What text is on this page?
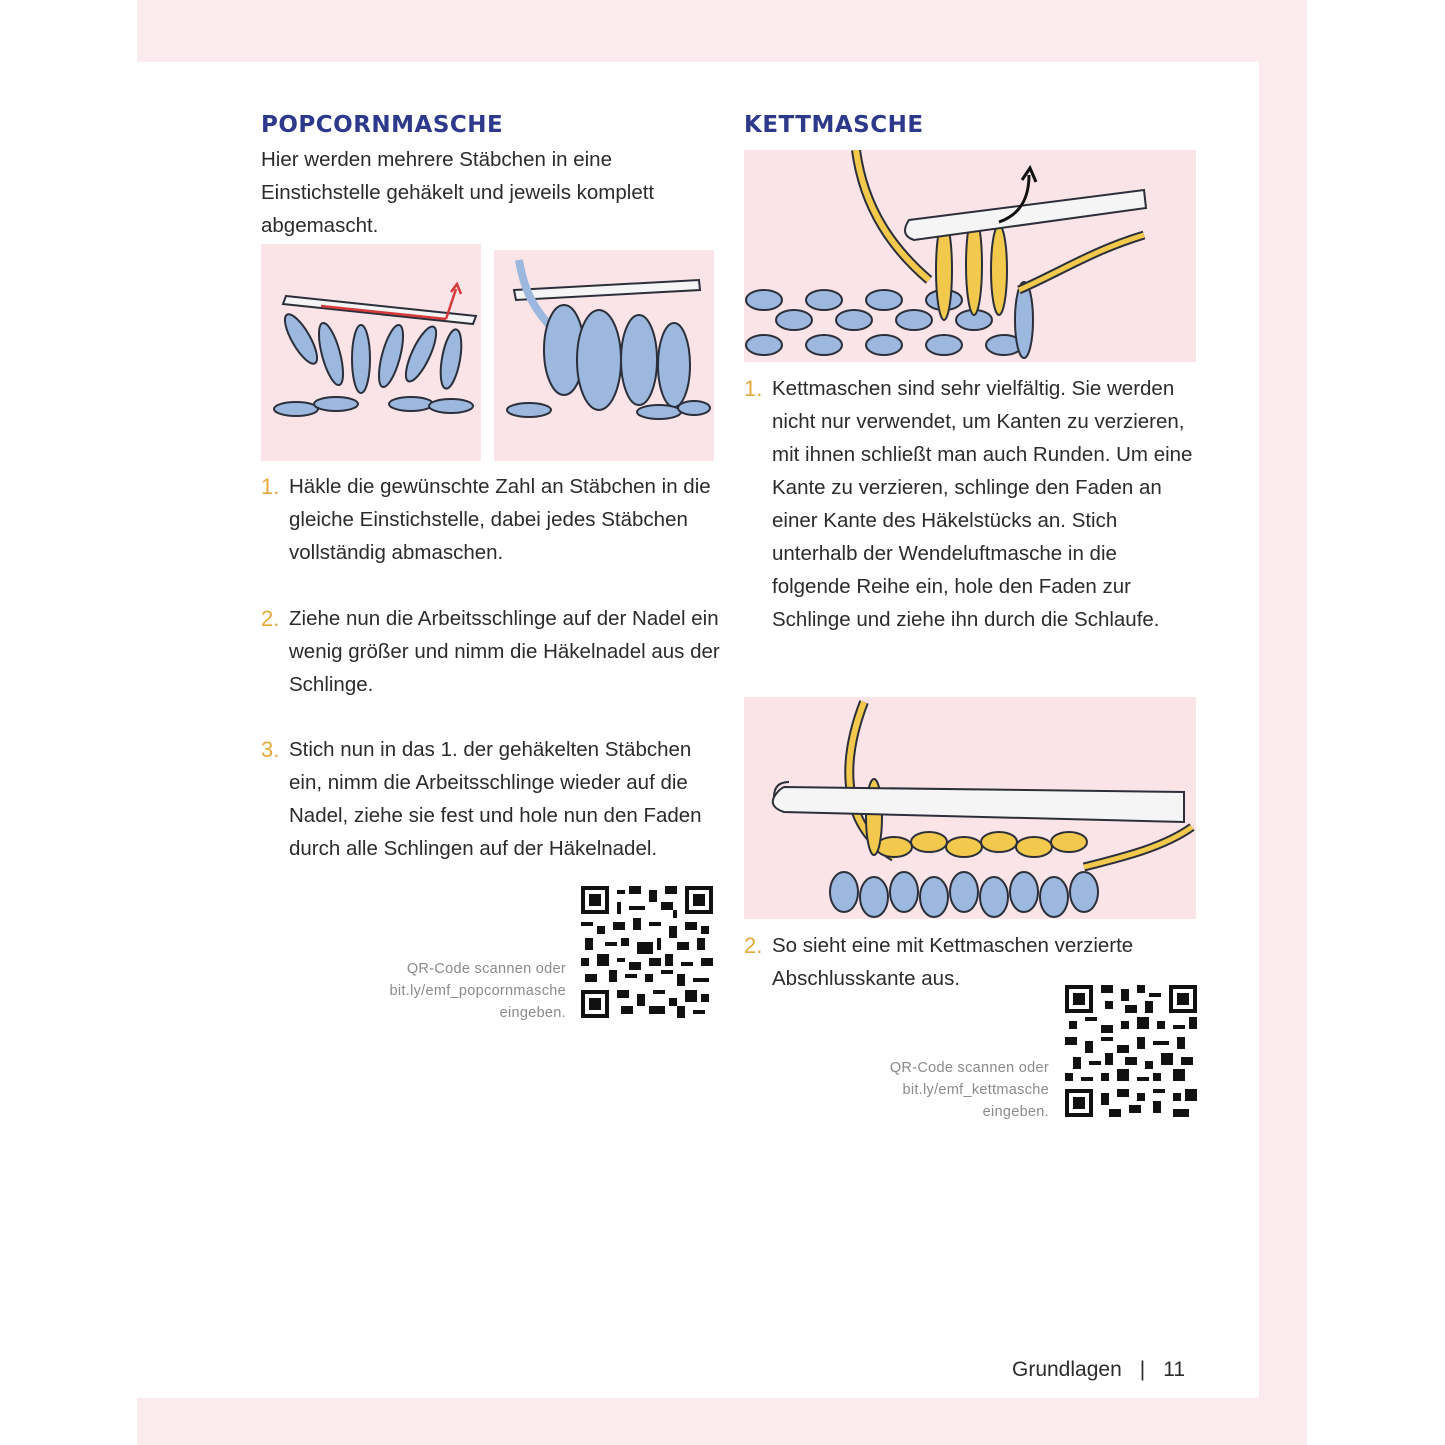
POPCORNMASCHE

Hier werden mehrere Stäbchen in eine Einstichstelle gehäkelt und jeweils komplett abgemascht.

1. Häkle die gewünschte Zahl an Stäbchen in die gleiche Einstichstelle, dabei jedes Stäbchen vollständig abmaschen.
2. Ziehe nun die Arbeitsschlinge auf der Nadel ein wenig größer und nimm die Häkelnadel aus der Schlinge.
3. Stich nun in das 1. der gehäkelten Stäbchen ein, nimm die Arbeitsschlinge wieder auf die Nadel, ziehe sie fest und hole nun den Faden durch alle Schlingen auf der Häkelnadel.
QR-Code scannen oder
bit.ly/emf_popcornmasche
eingeben.
KETTMASCHE
1. Kettmaschen sind sehr vielfältig. Sie werden nicht nur verwendet, um Kanten zu verzieren, mit ihnen schließt man auch Runden. Um eine Kante zu verzieren, schlinge den Faden an einer Kante des Häkelstücks an. Stich unterhalb der Wendeluftmasche in die folgende Reihe ein, hole den Faden zur Schlinge und ziehe ihn durch die Schlaufe.
2. So sieht eine mit Kettmaschen verzierte Abschlusskante aus.
QR-Code scannen oder
bit.ly/emf_kettmasche
eingeben.
Grundlagen | 11
